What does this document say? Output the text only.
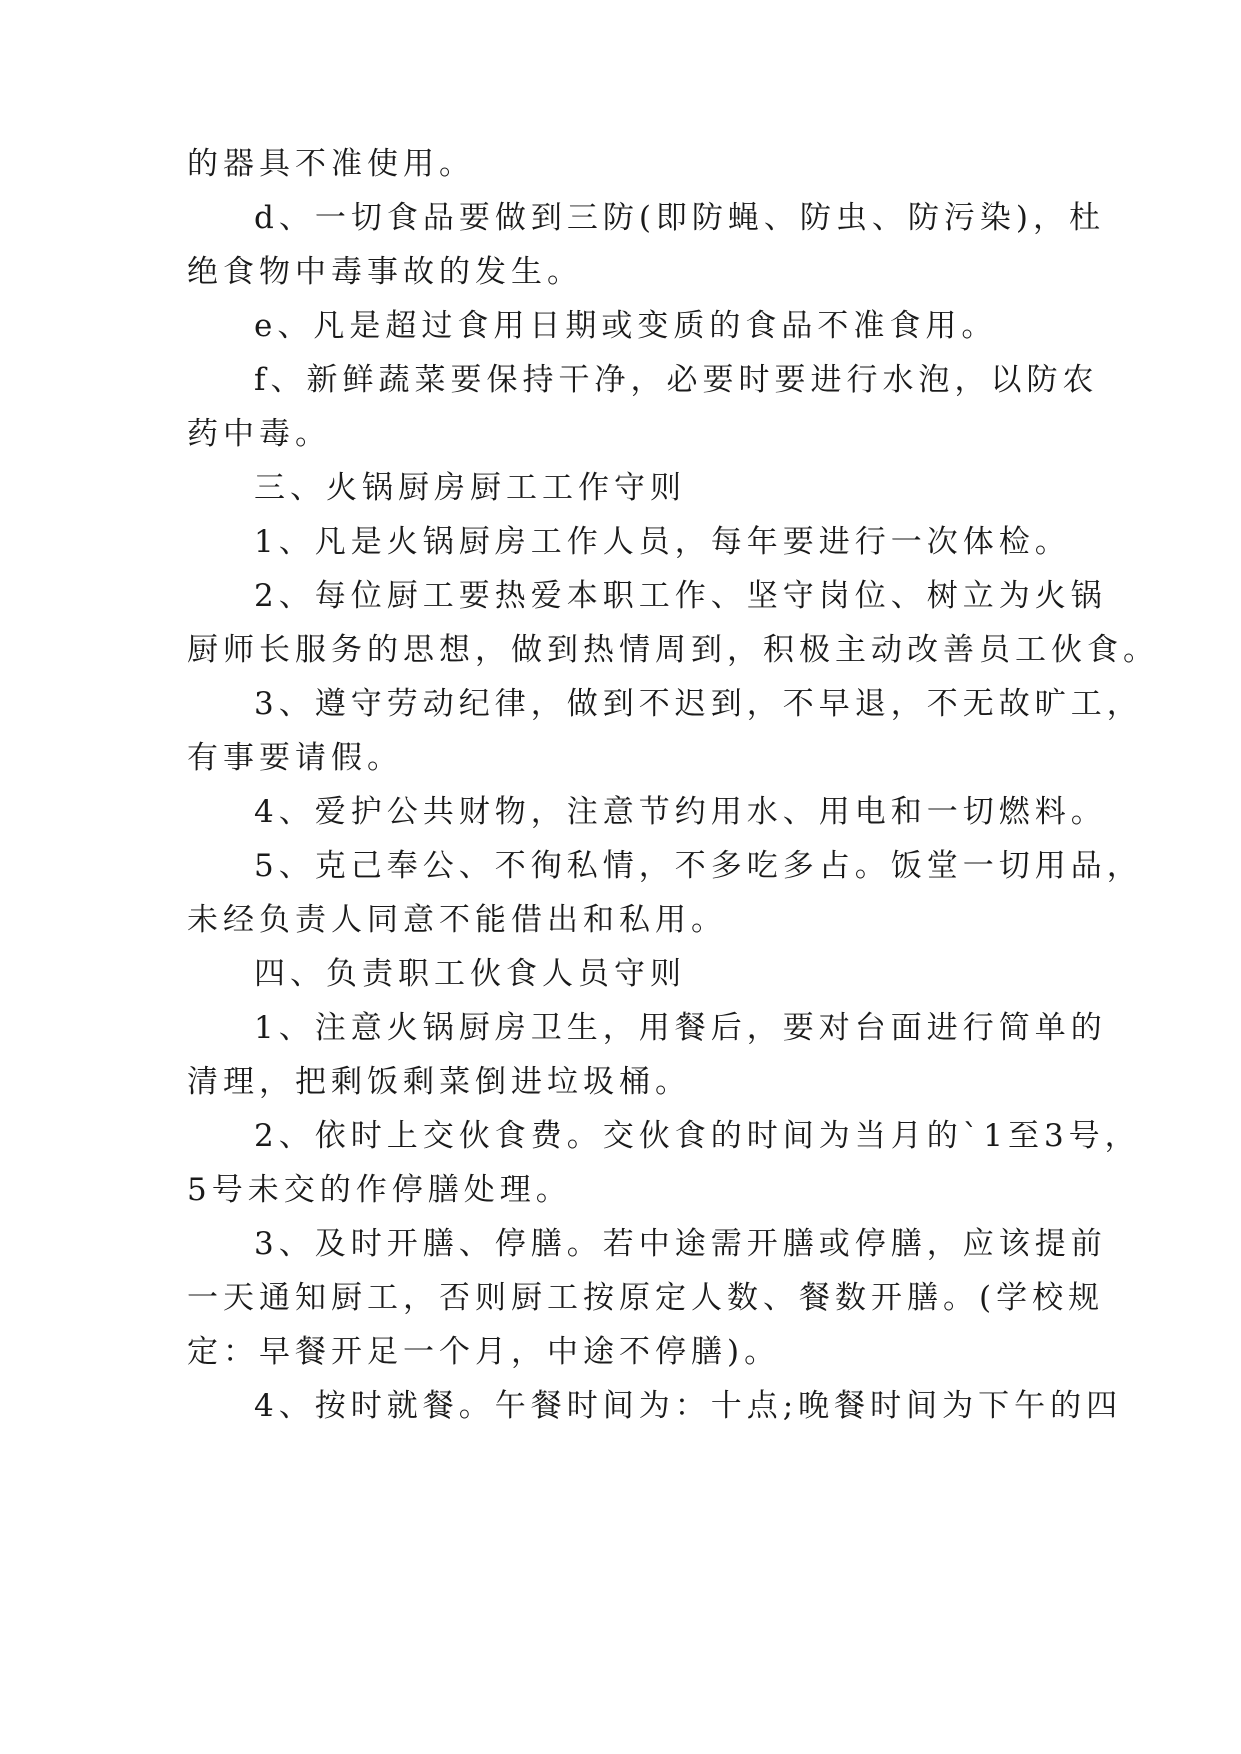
的器具不准使用。
d、一切食品要做到三防(即防蝇、防虫、防污染)，杜
绝食物中毒事故的发生。
e、凡是超过食用日期或变质的食品不准食用。
f、新鲜蔬菜要保持干净，必要时要进行水泡，以防农
药中毒。
三、火锅厨房厨工工作守则
1、凡是火锅厨房工作人员，每年要进行一次体检。
2、每位厨工要热爱本职工作、坚守岗位、树立为火锅
厨师长服务的思想，做到热情周到，积极主动改善员工伙食。
3、遵守劳动纪律，做到不迟到，不早退，不无故旷工，
有事要请假。
4、爱护公共财物，注意节约用水、用电和一切燃料。
5、克己奉公、不徇私情，不多吃多占。饭堂一切用品，
未经负责人同意不能借出和私用。
四、负责职工伙食人员守则
1、注意火锅厨房卫生，用餐后，要对台面进行简单的
清理，把剩饭剩菜倒进垃圾桶。
2、依时上交伙食费。交伙食的时间为当月的`1至3号，
5号未交的作停膳处理。
3、及时开膳、停膳。若中途需开膳或停膳，应该提前
一天通知厨工，否则厨工按原定人数、餐数开膳。(学校规
定：早餐开足一个月，中途不停膳)。
4、按时就餐。午餐时间为：十点;晚餐时间为下午的四
